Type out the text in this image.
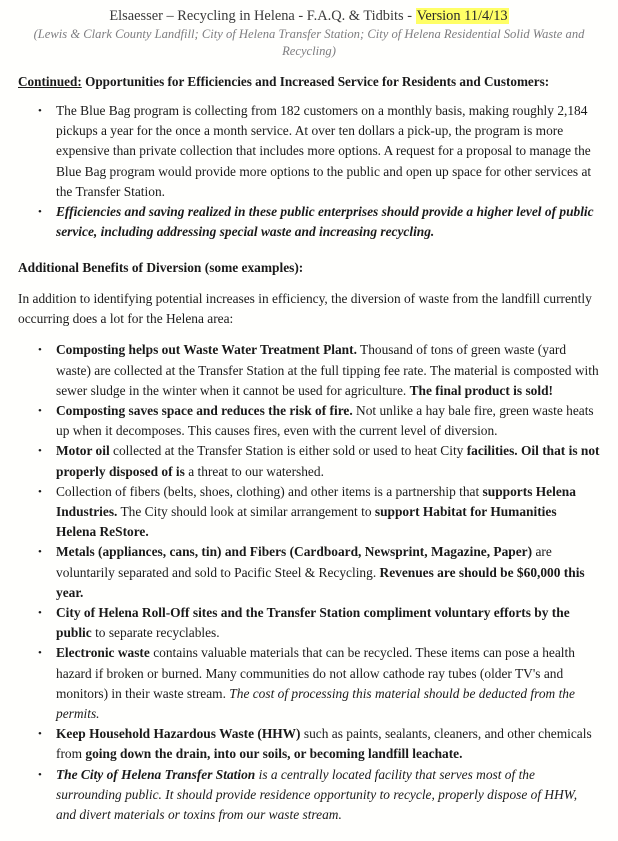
Elsaesser – Recycling in Helena - F.A.Q. & Tidbits - Version 11/4/13
(Lewis & Clark County Landfill; City of Helena Transfer Station; City of Helena Residential Solid Waste and Recycling)
Continued: Opportunities for Efficiencies and Increased Service for Residents and Customers:
• The Blue Bag program is collecting from 182 customers on a monthly basis, making roughly 2,184 pickups a year for the once a month service. At over ten dollars a pick-up, the program is more expensive than private collection that includes more options. A request for a proposal to manage the Blue Bag program would provide more options to the public and open up space for other services at the Transfer Station.
• Efficiencies and saving realized in these public enterprises should provide a higher level of public service, including addressing special waste and increasing recycling.
Additional Benefits of Diversion (some examples):
In addition to identifying potential increases in efficiency, the diversion of waste from the landfill currently occurring does a lot for the Helena area:
• Composting helps out Waste Water Treatment Plant. Thousand of tons of green waste (yard waste) are collected at the Transfer Station at the full tipping fee rate. The material is composted with sewer sludge in the winter when it cannot be used for agriculture. The final product is sold!
• Composting saves space and reduces the risk of fire. Not unlike a hay bale fire, green waste heats up when it decomposes. This causes fires, even with the current level of diversion.
• Motor oil collected at the Transfer Station is either sold or used to heat City facilities. Oil that is not properly disposed of is a threat to our watershed.
• Collection of fibers (belts, shoes, clothing) and other items is a partnership that supports Helena Industries. The City should look at similar arrangement to support Habitat for Humanities Helena ReStore.
• Metals (appliances, cans, tin) and Fibers (Cardboard, Newsprint, Magazine, Paper) are voluntarily separated and sold to Pacific Steel & Recycling. Revenues are should be $60,000 this year.
• City of Helena Roll-Off sites and the Transfer Station compliment voluntary efforts by the public to separate recyclables.
• Electronic waste contains valuable materials that can be recycled. These items can pose a health hazard if broken or burned. Many communities do not allow cathode ray tubes (older TV's and monitors) in their waste stream. The cost of processing this material should be deducted from the permits.
• Keep Household Hazardous Waste (HHW) such as paints, sealants, cleaners, and other chemicals from going down the drain, into our soils, or becoming landfill leachate.
• The City of Helena Transfer Station is a centrally located facility that serves most of the surrounding public. It should provide residence opportunity to recycle, properly dispose of HHW, and divert materials or toxins from our waste stream.
